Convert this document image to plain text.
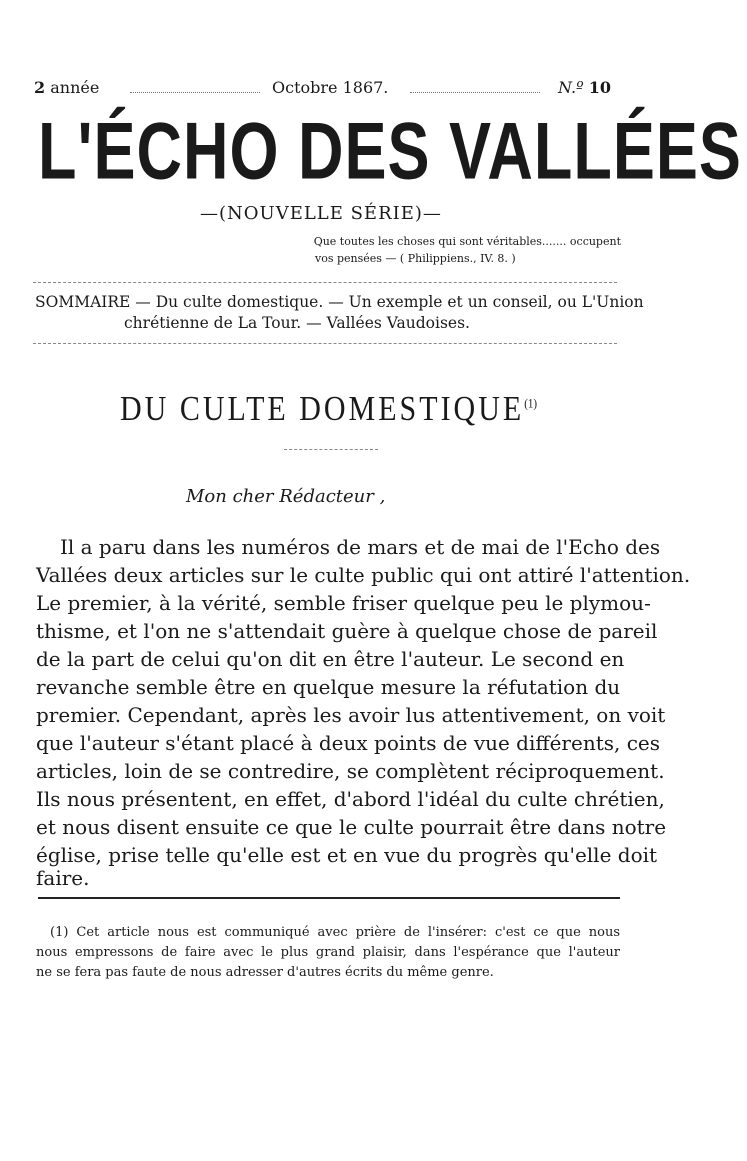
2 année	Octobre 1867.	N.º 10
L'ÉCHO DES VALLÉES
—(NOUVELLE SÉRIE)—
Que toutes les choses qui sont véritables....... occupent
vos pensées — ( Philippiens., IV. 8. )
SOMMAIRE — Du culte domestique. — Un exemple et un conseil, ou L'Union
chrétienne de La Tour. — Vallées Vaudoises.
DU CULTE DOMESTIQUE$^{(1)}$
Mon cher Rédacteur ,
Il a paru dans les numéros de mars et de mai de l'Echo des
Vallées deux articles sur le culte public qui ont attiré l'attention.
Le premier, à la vérité, semble friser quelque peu le plymou-
thisme, et l'on ne s'attendait guère à quelque chose de pareil
de la part de celui qu'on dit en être l'auteur. Le second en
revanche semble être en quelque mesure la réfutation du
premier. Cependant, après les avoir lus attentivement, on voit
que l'auteur s'étant placé à deux points de vue différents, ces
articles, loin de se contredire, se complètent réciproquement.
Ils nous présentent, en effet, d'abord l'idéal du culte chrétien,
et nous disent ensuite ce que le culte pourrait être dans notre
église, prise telle qu'elle est et en vue du progrès qu'elle doit
faire.
(1) Cet article nous est communiqué avec prière de l'insérer: c'est ce que nous
nous empressons de faire avec le plus grand plaisir, dans l'espérance que l'auteur
ne se fera pas faute de nous adresser d'autres écrits du même genre.
